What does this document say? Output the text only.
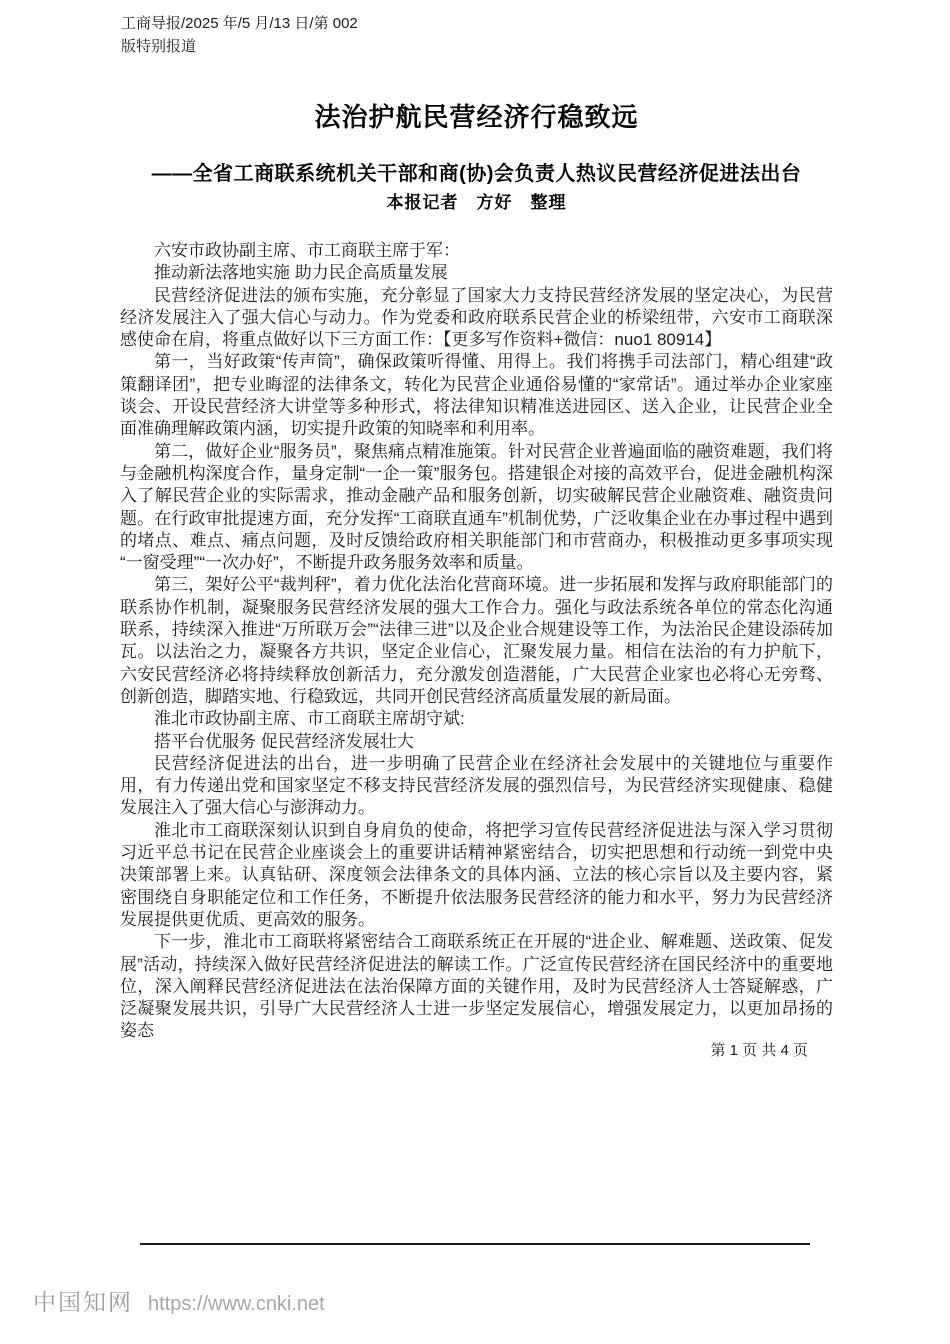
工商导报/2025 年/5 月/13 日/第 002
版特别报道
法治护航民营经济行稳致远
——全省工商联系统机关干部和商(协)会负责人热议民营经济促进法出台
本报记者　方好　整理

六安市政协副主席、市工商联主席于军：

推动新法落地实施 助力民企高质量发展

民营经济促进法的颁布实施，充分彰显了国家大力支持民营经济发展的坚定决心，为民营经济发展注入了强大信心与动力。作为党委和政府联系民营企业的桥梁纽带，六安市工商联深感使命在肩，将重点做好以下三方面工作：【更多写作资料+微信：nuo1 80914】

第一，当好政策“传声筒”，确保政策听得懂、用得上。我们将携手司法部门，精心组建“政策翻译团”，把专业晦涩的法律条文，转化为民营企业通俗易懂的“家常话”。通过举办企业家座谈会、开设民营经济大讲堂等多种形式，将法律知识精准送进园区、送入企业，让民营企业全面准确理解政策内涵，切实提升政策的知晓率和利用率。

第二，做好企业“服务员”，聚焦痛点精准施策。针对民营企业普遍面临的融资难题，我们将与金融机构深度合作，量身定制“一企一策”服务包。搭建银企对接的高效平台，促进金融机构深入了解民营企业的实际需求，推动金融产品和服务创新，切实破解民营企业融资难、融资贵问题。在行政审批提速方面，充分发挥“工商联直通车”机制优势，广泛收集企业在办事过程中遇到的堵点、难点、痛点问题，及时反馈给政府相关职能部门和市营商办，积极推动更多事项实现“一窗受理”“一次办好”，不断提升政务服务效率和质量。

第三，架好公平“裁判秤”，着力优化法治化营商环境。进一步拓展和发挥与政府职能部门的联系协作机制，凝聚服务民营经济发展的强大工作合力。强化与政法系统各单位的常态化沟通联系，持续深入推进“万所联万会”“法律三进”以及企业合规建设等工作，为法治民企建设添砖加瓦。以法治之力，凝聚各方共识，坚定企业信心，汇聚发展力量。相信在法治的有力护航下，六安民营经济必将持续释放创新活力，充分激发创造潜能，广大民营企业家也必将心无旁骛、创新创造，脚踏实地、行稳致远，共同开创民营经济高质量发展的新局面。

淮北市政协副主席、市工商联主席胡守斌:

搭平台优服务 促民营经济发展壮大

民营经济促进法的出台，进一步明确了民营企业在经济社会发展中的关键地位与重要作用，有力传递出党和国家坚定不移支持民营经济发展的强烈信号，为民营经济实现健康、稳健发展注入了强大信心与澎湃动力。

淮北市工商联深刻认识到自身肩负的使命，将把学习宣传民营经济促进法与深入学习贯彻习近平总书记在民营企业座谈会上的重要讲话精神紧密结合，切实把思想和行动统一到党中央决策部署上来。认真钻研、深度领会法律条文的具体内涵、立法的核心宗旨以及主要内容，紧密围绕自身职能定位和工作任务，不断提升依法服务民营经济的能力和水平，努力为民营经济发展提供更优质、更高效的服务。

下一步，淮北市工商联将紧密结合工商联系统正在开展的“进企业、解难题、送政策、促发展”活动，持续深入做好民营经济促进法的解读工作。广泛宣传民营经济在国民经济中的重要地位，深入阐释民营经济促进法在法治保障方面的关键作用，及时为民营经济人士答疑解惑，广泛凝聚发展共识，引导广大民营经济人士进一步坚定发展信心，增强发展定力，以更加昂扬的姿态

第 1 页 共 4 页
中国知网 https://www.cnki.net
